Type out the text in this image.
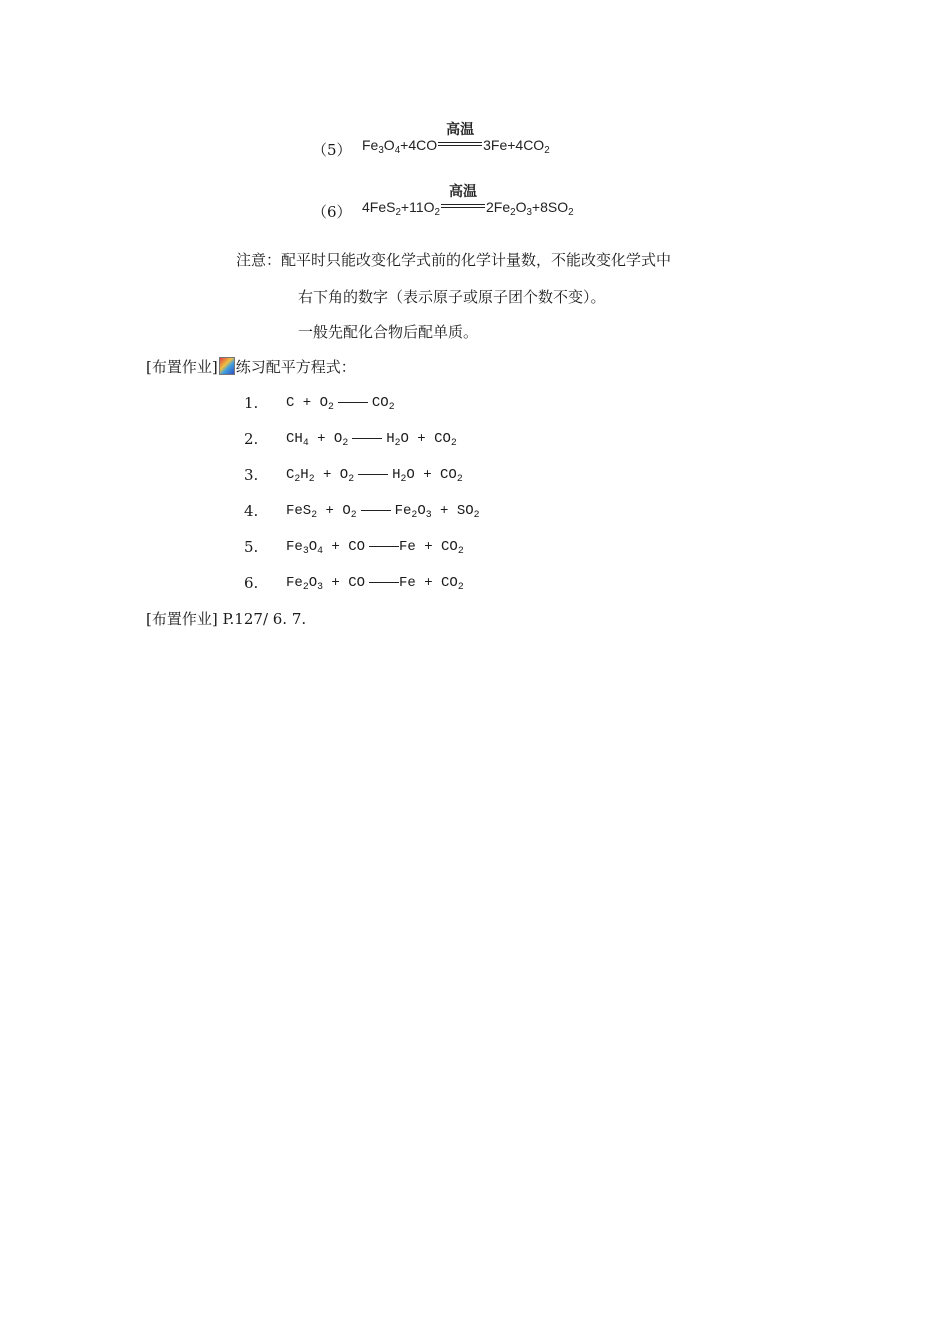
（5） $Fe_3O_4+4CO$
高温
$3Fe+4CO_2$
（6） $4FeS_2+11O_2$
高温
$2Fe_2O_3+8SO_2$
注意：配平时只能改变化学式前的化学计量数，不能改变化学式中
右下角的数字（表示原子或原子团个数不变）。
一般先配化合物后配单质。
[布置作业] 练习配平方程式：
1. $C + O_2$	$CO_2$
2. $CH_4 + O_2$	$H_2O + CO_2$
3. $C_2H_2 + O_2$	$H_2O + CO_2$
4. $FeS_2 + O_2$	$Fe_2O_3 + SO_2$
5. $Fe_3O_4$ + CO $Fe + CO_2$
6. $Fe_2O_3$ + CO $Fe + CO_2$
[布置作业] P.127/ 6. 7.
